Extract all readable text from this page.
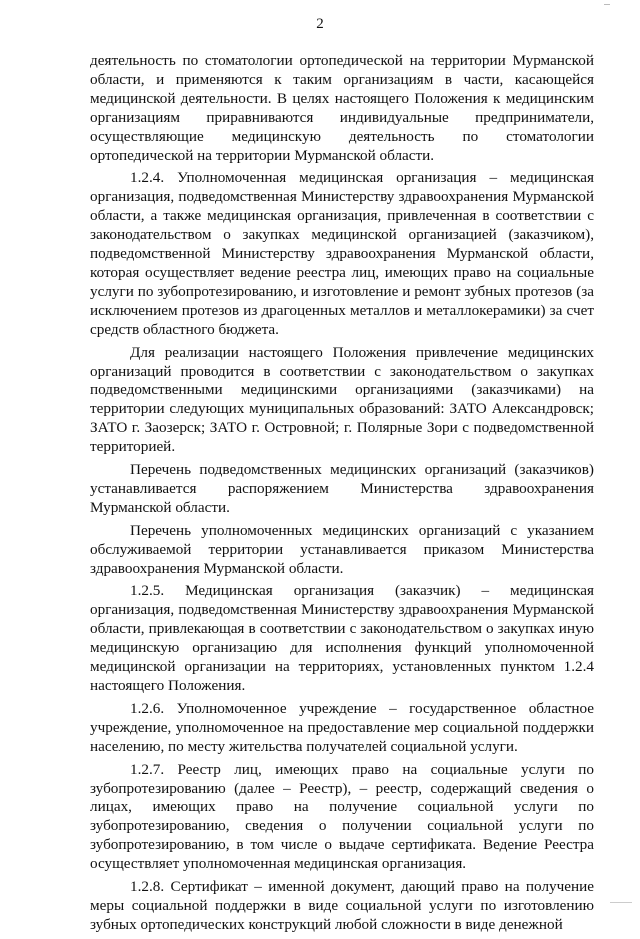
2

деятельность по стоматологии ортопедической на территории Мурманской области, и применяются к таким организациям в части, касающейся медицинской деятельности. В целях настоящего Положения к медицинским организациям приравниваются индивидуальные предприниматели, осуществляющие медицинскую деятельность по стоматологии ортопедической на территории Мурманской области.

1.2.4. Уполномоченная медицинская организация – медицинская организация, подведомственная Министерству здравоохранения Мурманской области, а также медицинская организация, привлеченная в соответствии с законодательством о закупках медицинской организацией (заказчиком), подведомственной Министерству здравоохранения Мурманской области, которая осуществляет ведение реестра лиц, имеющих право на социальные услуги по зубопротезированию, и изготовление и ремонт зубных протезов (за исключением протезов из драгоценных металлов и металлокерамики) за счет средств областного бюджета.

Для реализации настоящего Положения привлечение медицинских организаций проводится в соответствии с законодательством о закупках подведомственными медицинскими организациями (заказчиками) на территории следующих муниципальных образований: ЗАТО Александровск; ЗАТО г. Заозерск; ЗАТО г. Островной; г. Полярные Зори с подведомственной территорией.

Перечень подведомственных медицинских организаций (заказчиков) устанавливается распоряжением Министерства здравоохранения Мурманской области.

Перечень уполномоченных медицинских организаций с указанием обслуживаемой территории устанавливается приказом Министерства здравоохранения Мурманской области.

1.2.5. Медицинская организация (заказчик) – медицинская организация, подведомственная Министерству здравоохранения Мурманской области, привлекающая в соответствии с законодательством о закупках иную медицинскую организацию для исполнения функций уполномоченной медицинской организации на территориях, установленных пунктом 1.2.4 настоящего Положения.

1.2.6. Уполномоченное учреждение – государственное областное учреждение, уполномоченное на предоставление мер социальной поддержки населению, по месту жительства получателей социальной услуги.

1.2.7. Реестр лиц, имеющих право на социальные услуги по зубопротезированию (далее – Реестр), – реестр, содержащий сведения о лицах, имеющих право на получение социальной услуги по зубопротезированию, сведения о получении социальной услуги по зубопротезированию, в том числе о выдаче сертификата. Ведение Реестра осуществляет уполномоченная медицинская организация.

1.2.8. Сертификат – именной документ, дающий право на получение меры социальной поддержки в виде социальной услуги по изготовлению зубных ортопедических конструкций любой сложности в виде денежной
